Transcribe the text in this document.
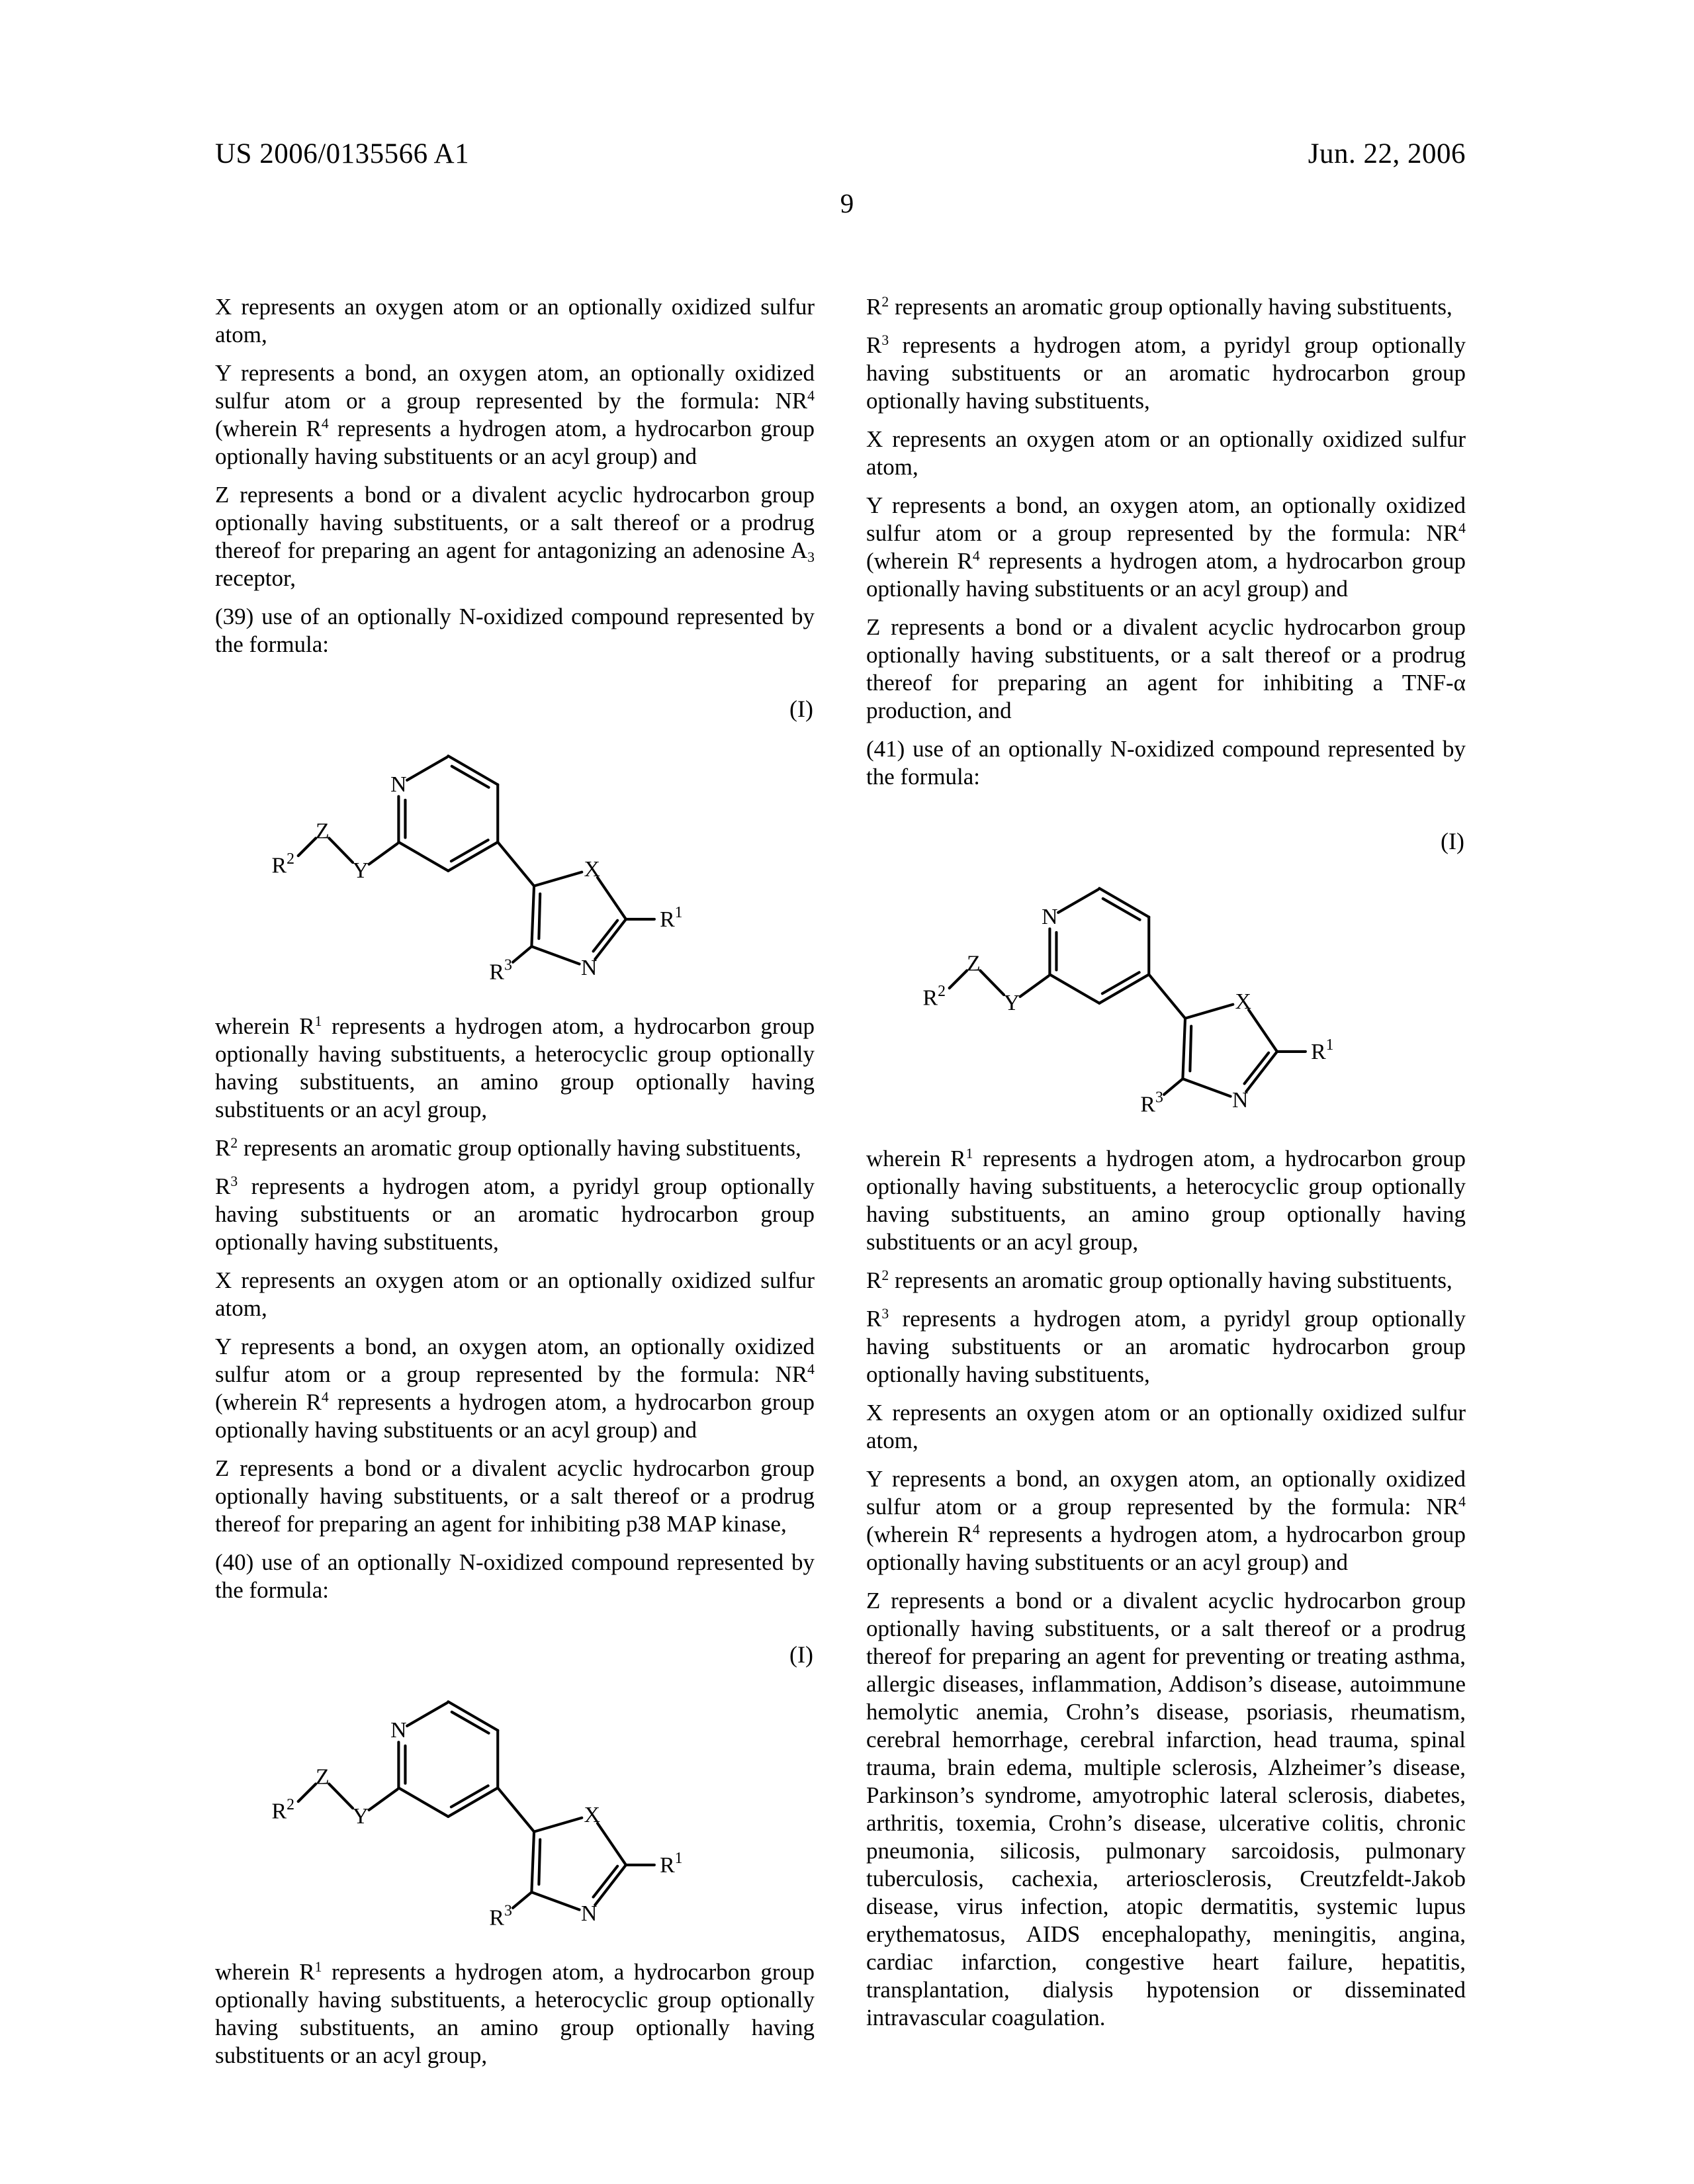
US 2006/0135566 A1	Jun. 22, 2006
9

X represents an oxygen atom or an optionally oxidized sulfur atom,

Y represents a bond, an oxygen atom, an optionally oxidized sulfur atom or a group represented by the formula: $NR^4$ (wherein $R^4$ represents a hydrogen atom, a hydrocarbon group optionally having substituents or an acyl group) and

Z represents a bond or a divalent acyclic hydrocarbon group optionally having substituents, or a salt thereof or a prodrug thereof for preparing an agent for antagonizing an adenosine $A_3$ receptor,

(39) use of an optionally N-oxidized compound represented by the formula:

(I)

wherein $R^1$ represents a hydrogen atom, a hydrocarbon group optionally having substituents, a heterocyclic group optionally having substituents, an amino group optionally having substituents or an acyl group,

$R^2$ represents an aromatic group optionally having substituents,

$R^3$ represents a hydrogen atom, a pyridyl group optionally having substituents or an aromatic hydrocarbon group optionally having substituents,

X represents an oxygen atom or an optionally oxidized sulfur atom,

Y represents a bond, an oxygen atom, an optionally oxidized sulfur atom or a group represented by the formula: $NR^4$ (wherein $R^4$ represents a hydrogen atom, a hydrocarbon group optionally having substituents or an acyl group) and

Z represents a bond or a divalent acyclic hydrocarbon group optionally having substituents, or a salt thereof or a prodrug thereof for preparing an agent for inhibiting p38 MAP kinase,

(40) use of an optionally N-oxidized compound represented by the formula:

(I)

wherein $R^1$ represents a hydrogen atom, a hydrocarbon group optionally having substituents, a heterocyclic group optionally having substituents, an amino group optionally having substituents or an acyl group,

$R^2$ represents an aromatic group optionally having substituents,

$R^3$ represents a hydrogen atom, a pyridyl group optionally having substituents or an aromatic hydrocarbon group optionally having substituents,

X represents an oxygen atom or an optionally oxidized sulfur atom,

Y represents a bond, an oxygen atom, an optionally oxidized sulfur atom or a group represented by the formula: $NR^4$ (wherein $R^4$ represents a hydrogen atom, a hydrocarbon group optionally having substituents or an acyl group) and

Z represents a bond or a divalent acyclic hydrocarbon group optionally having substituents, or a salt thereof or a prodrug thereof for preparing an agent for inhibiting a TNF-α production, and

(41) use of an optionally N-oxidized compound represented by the formula:

(I)

wherein $R^1$ represents a hydrogen atom, a hydrocarbon group optionally having substituents, a heterocyclic group optionally having substituents, an amino group optionally having substituents or an acyl group,

$R^2$ represents an aromatic group optionally having substituents,

$R^3$ represents a hydrogen atom, a pyridyl group optionally having substituents or an aromatic hydrocarbon group optionally having substituents,

X represents an oxygen atom or an optionally oxidized sulfur atom,

Y represents a bond, an oxygen atom, an optionally oxidized sulfur atom or a group represented by the formula: $NR^4$ (wherein $R^4$ represents a hydrogen atom, a hydrocarbon group optionally having substituents or an acyl group) and

Z represents a bond or a divalent acyclic hydrocarbon group optionally having substituents, or a salt thereof or a prodrug thereof for preparing an agent for preventing or treating asthma, allergic diseases, inflammation, Addison’s disease, autoimmune hemolytic anemia, Crohn’s disease, psoriasis, rheumatism, cerebral hemorrhage, cerebral infarction, head trauma, spinal trauma, brain edema, multiple sclerosis, Alzheimer’s disease, Parkinson’s syndrome, amyotrophic lateral sclerosis, diabetes, arthritis, toxemia, Crohn’s disease, ulcerative colitis, chronic pneumonia, silicosis, pulmonary sarcoidosis, pulmonary tuberculosis, cachexia, arteriosclerosis, Creutzfeldt-Jakob disease, virus infection, atopic dermatitis, systemic lupus erythematosus, AIDS encephalopathy, meningitis, angina, cardiac infarction, congestive heart failure, hepatitis, transplantation, dialysis hypotension or disseminated intravascular coagulation.
